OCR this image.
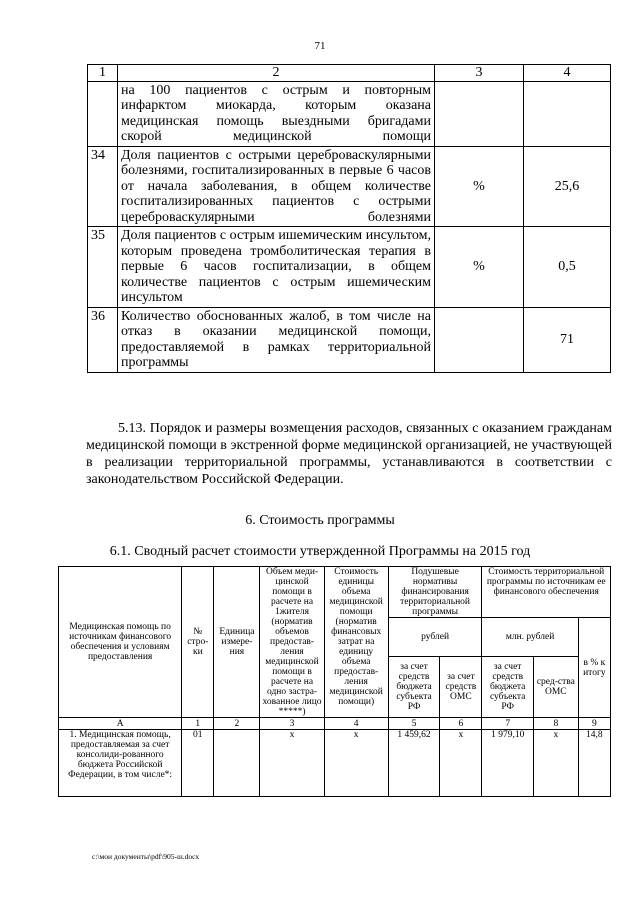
71
1	2	3	4
	на 100 пациентов с острым и повторным инфарктом миокарда, которым оказана медицинская помощь выездными бригадами скорой медицинской помощи		
34	Доля пациентов с острыми цереброваскулярными болезнями, госпитализированных в первые 6 часов от начала заболевания, в общем количестве госпитализированных пациентов с острыми цереброваскулярными болезнями	%	25,6
35	Доля пациентов с острым ишемическим инсультом, которым проведена тромболитическая терапия в первые 6 часов госпитализации, в общем количестве пациентов с острым ишемическим инсультом	%	0,5
36	Количество обоснованных жалоб, в том числе на отказ в оказании медицинской помощи, предоставляемой в рамках территориальной программы		71
5.13. Порядок и размеры возмещения расходов, связанных с оказанием гражданам медицинской помощи в экстренной форме медицинской организацией, не участвующей в реализации территориальной программы, устанавливаются в соответствии с законодательством Российской Федерации.
6. Стоимость программы
6.1. Сводный расчет стоимости утвержденной Программы на 2015 год
Медицинская помощь по источникам финансового обеспечения и условиям предоставления	№ стро-ки	Единица измере-ния	Объем меди-цинской помощи в расчете на 1жителя (норматив объемов предостав-ления медицинской помощи в расчете на одно застра-хованное лицо *****)	Стоимость единицы объема медицинской помощи (норматив финансовых затрат на единицу объема предостав-ления медицинской помощи)	Подушевые нормативы финансирования территориальной программы		Стоимость территориальной программы по источникам ее финансового обеспечения		
					рублей		млн. рублей		в % к итогу
					за счет средств бюджета субъекта РФ	за счет средств ОМС	за счет средств бюджета субъекта РФ	сред-ства ОМС	
А	1	2	3	4	5	6	7	8	9
1. Медицинская помощь, предоставляемая за счет консолиди-рованного бюджета Российской Федерации, в том числе*:	01		х	х	1 459,62	х	1 979,10	х	14,8
c:\мои документы\pdf\905-ш.docx
